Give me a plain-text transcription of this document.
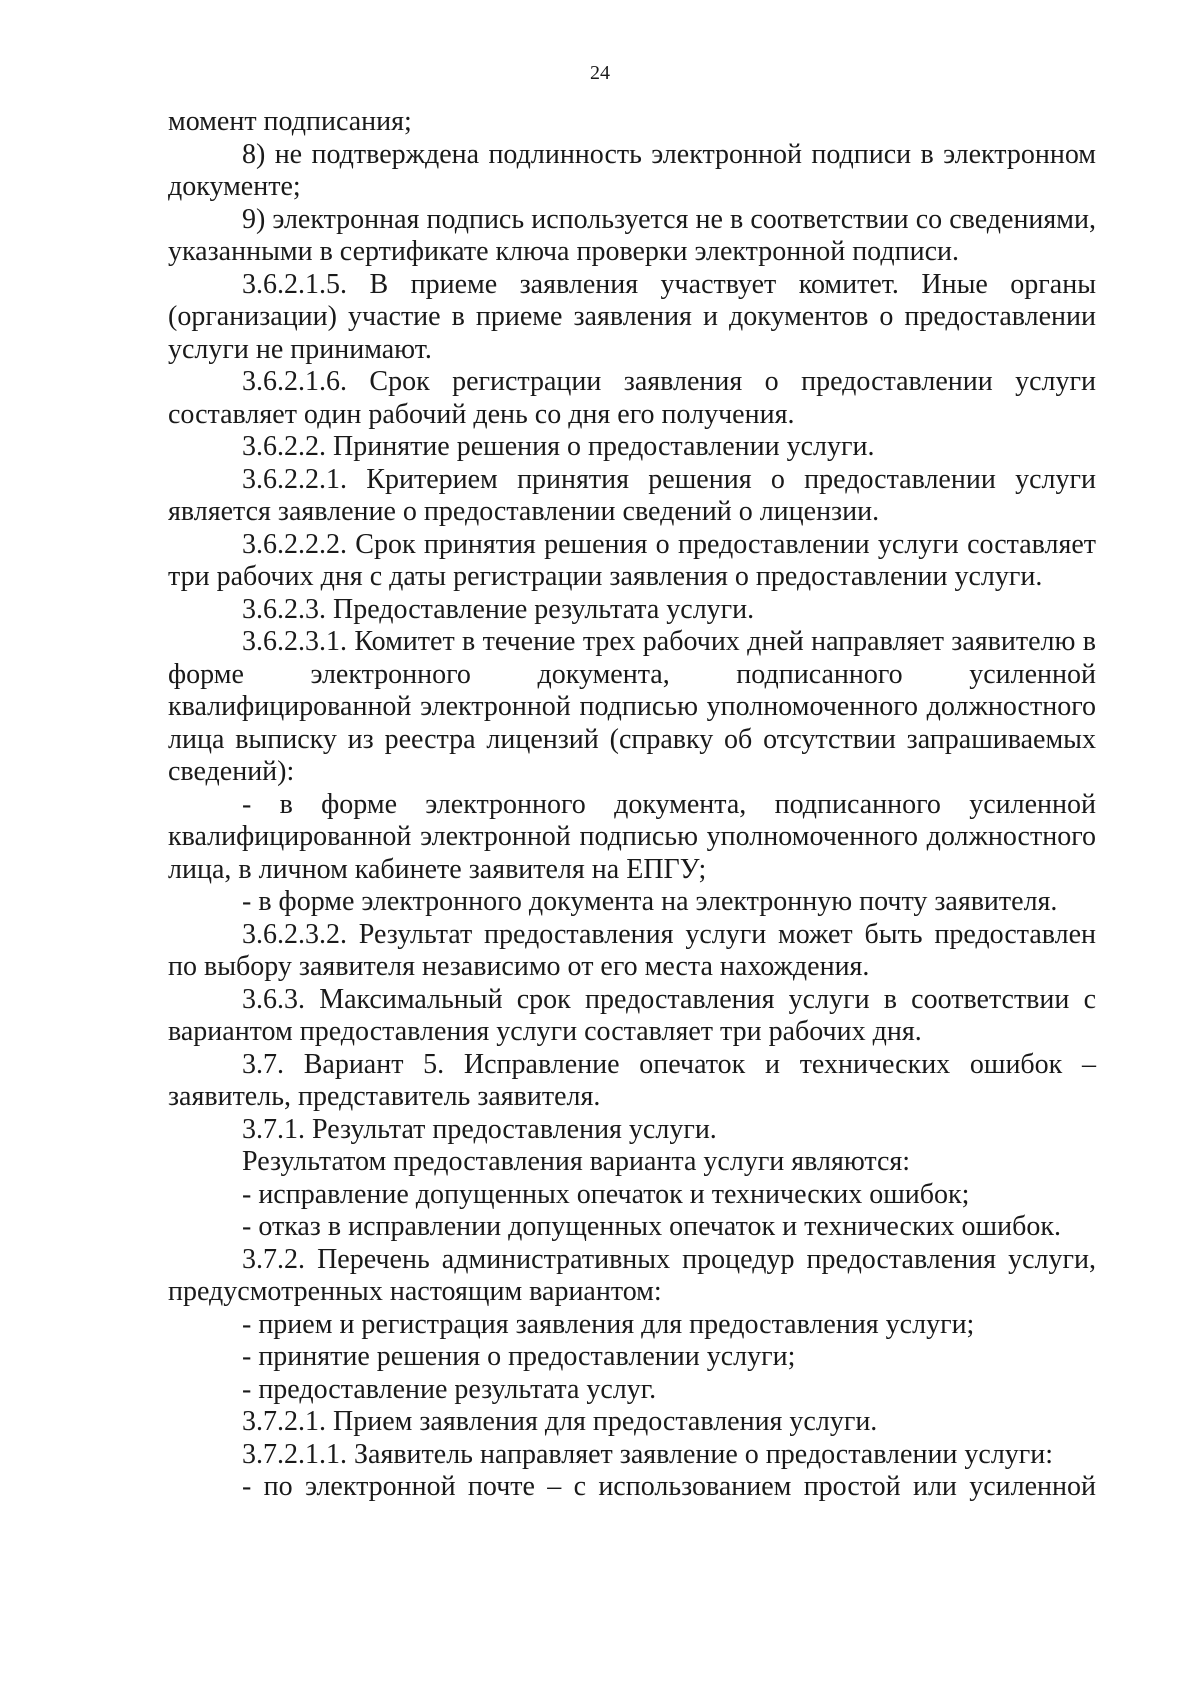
24

момент подписания;

8) не подтверждена подлинность электронной подписи в электронном документе;

9) электронная подпись используется не в соответствии со сведениями, указанными в сертификате ключа проверки электронной подписи.

3.6.2.1.5. В приеме заявления участвует комитет. Иные органы (организации) участие в приеме заявления и документов о предоставлении услуги не принимают.

3.6.2.1.6. Срок регистрации заявления о предоставлении услуги составляет один рабочий день со дня его получения.

3.6.2.2. Принятие решения о предоставлении услуги.

3.6.2.2.1. Критерием принятия решения о предоставлении услуги является заявление о предоставлении сведений о лицензии.

3.6.2.2.2. Срок принятия решения о предоставлении услуги составляет три рабочих дня с даты регистрации заявления о предоставлении услуги.

3.6.2.3. Предоставление результата услуги.

3.6.2.3.1. Комитет в течение трех рабочих дней направляет заявителю в форме электронного документа, подписанного усиленной квалифицированной электронной подписью уполномоченного должностного лица выписку из реестра лицензий (справку об отсутствии запрашиваемых сведений):

- в форме электронного документа, подписанного усиленной квалифицированной электронной подписью уполномоченного должностного лица, в личном кабинете заявителя на ЕПГУ;

- в форме электронного документа на электронную почту заявителя.

3.6.2.3.2. Результат предоставления услуги может быть предоставлен по выбору заявителя независимо от его места нахождения.

3.6.3. Максимальный срок предоставления услуги в соответствии с вариантом предоставления услуги составляет три рабочих дня.

3.7. Вариант 5. Исправление опечаток и технических ошибок – заявитель, представитель заявителя.

3.7.1. Результат предоставления услуги.

Результатом предоставления варианта услуги являются:

- исправление допущенных опечаток и технических ошибок;

- отказ в исправлении допущенных опечаток и технических ошибок.

3.7.2. Перечень административных процедур предоставления услуги, предусмотренных настоящим вариантом:

- прием и регистрация заявления для предоставления услуги;

- принятие решения о предоставлении услуги;

- предоставление результата услуг.

3.7.2.1. Прием заявления для предоставления услуги.

3.7.2.1.1. Заявитель направляет заявление о предоставлении услуги:

- по электронной почте – с использованием простой или усиленной
